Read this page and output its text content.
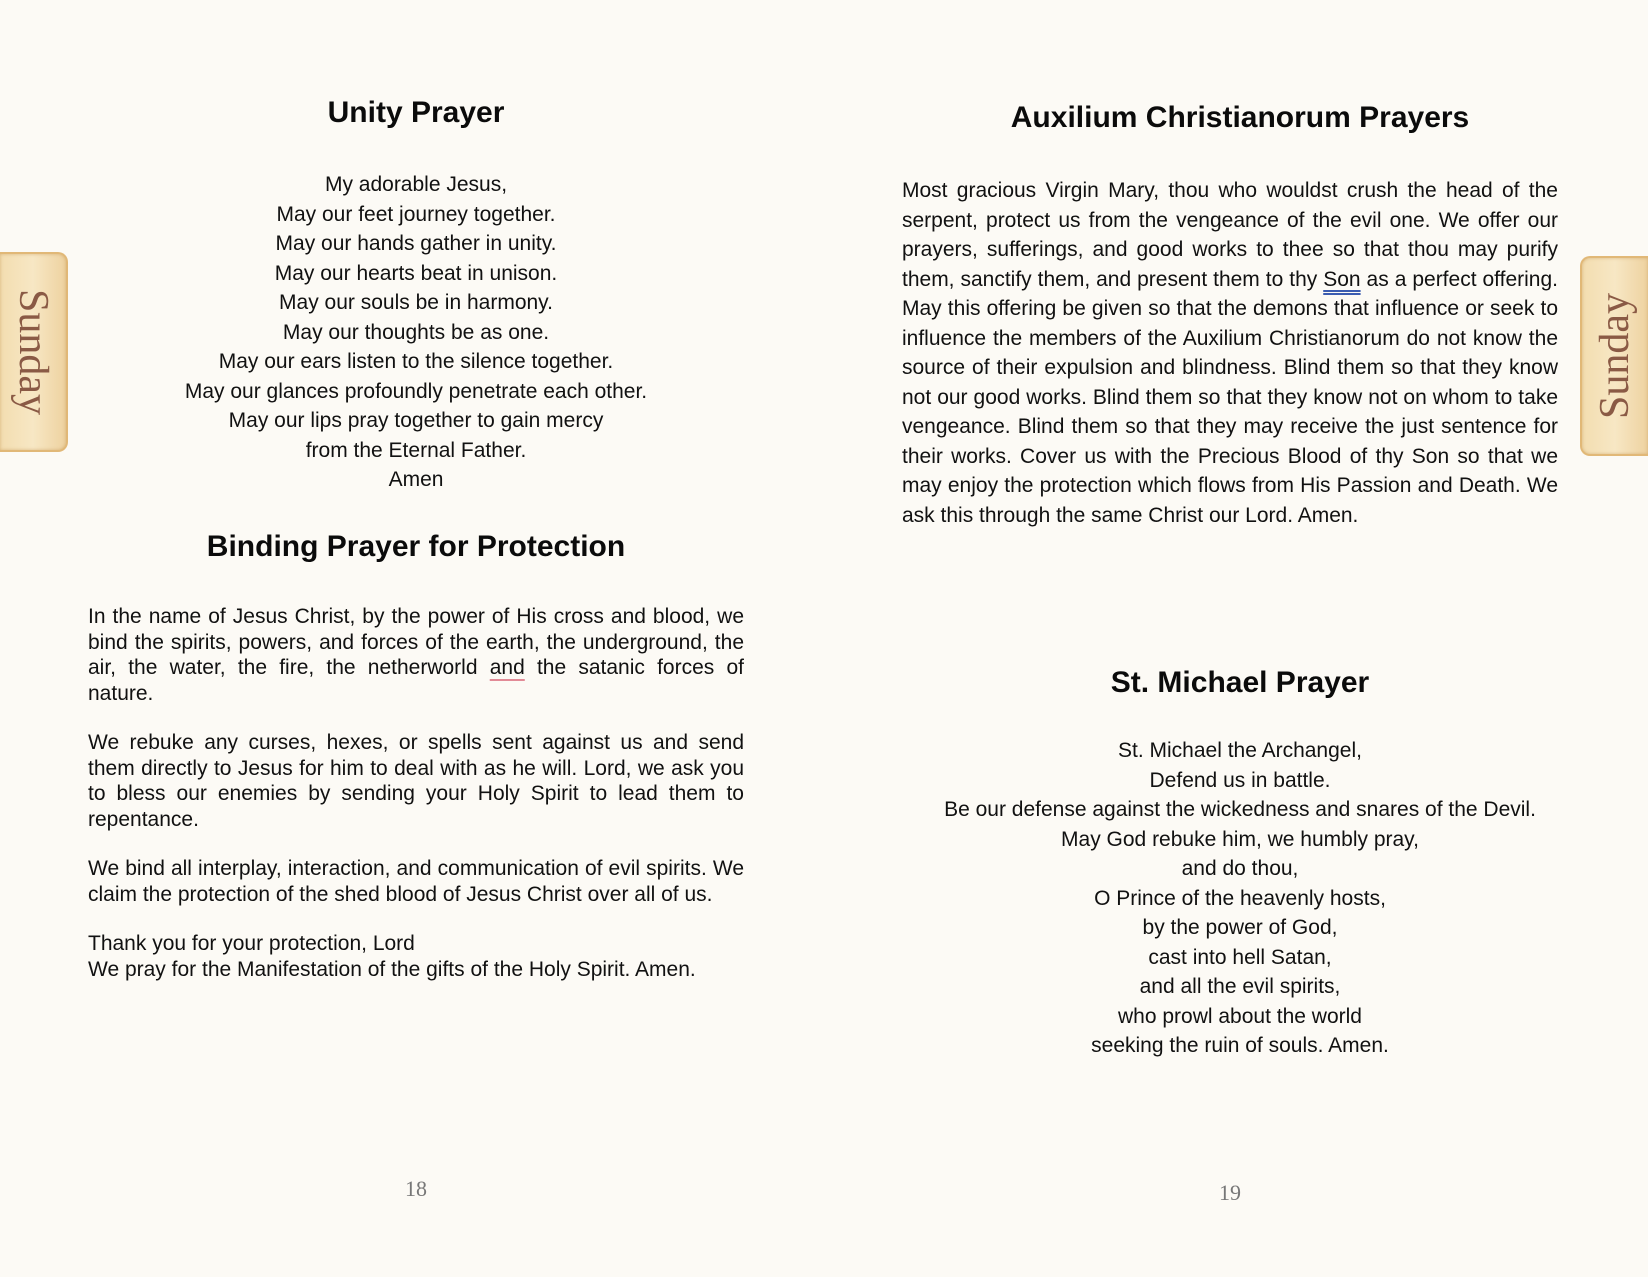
Sunday
Unity Prayer
My adorable Jesus,
May our feet journey together.
May our hands gather in unity.
May our hearts beat in unison.
May our souls be in harmony.
May our thoughts be as one.
May our ears listen to the silence together.
May our glances profoundly penetrate each other.
May our lips pray together to gain mercy
from the Eternal Father.
Amen
Binding Prayer for Protection

In the name of Jesus Christ, by the power of His cross and blood, we bind the spirits, powers, and forces of the earth, the underground, the air, the water, the fire, the netherworld and the satanic forces of nature.

We rebuke any curses, hexes, or spells sent against us and send them directly to Jesus for him to deal with as he will. Lord, we ask you to bless our enemies by sending your Holy Spirit to lead them to repentance.

We bind all interplay, interaction, and communication of evil spirits. We claim the protection of the shed blood of Jesus Christ over all of us.

Thank you for your protection, Lord
We pray for the Manifestation of the gifts of the Holy Spirit. Amen.

18
Sunday
Auxilium Christianorum Prayers

Most gracious Virgin Mary, thou who wouldst crush the head of the serpent, protect us from the vengeance of the evil one. We offer our prayers, sufferings, and good works to thee so that thou may purify them, sanctify them, and present them to thy Son as a perfect offering. May this offering be given so that the demons that influence or seek to influence the members of the Auxilium Christianorum do not know the source of their expulsion and blindness. Blind them so that they know not our good works. Blind them so that they know not on whom to take vengeance. Blind them so that they may receive the just sentence for their works. Cover us with the Precious Blood of thy Son so that we may enjoy the protection which flows from His Passion and Death. We ask this through the same Christ our Lord. Amen.

St. Michael Prayer
St. Michael the Archangel,
Defend us in battle.
Be our defense against the wickedness and snares of the Devil.
May God rebuke him, we humbly pray,
and do thou,
O Prince of the heavenly hosts,
by the power of God,
cast into hell Satan,
and all the evil spirits,
who prowl about the world
seeking the ruin of souls. Amen.
19
